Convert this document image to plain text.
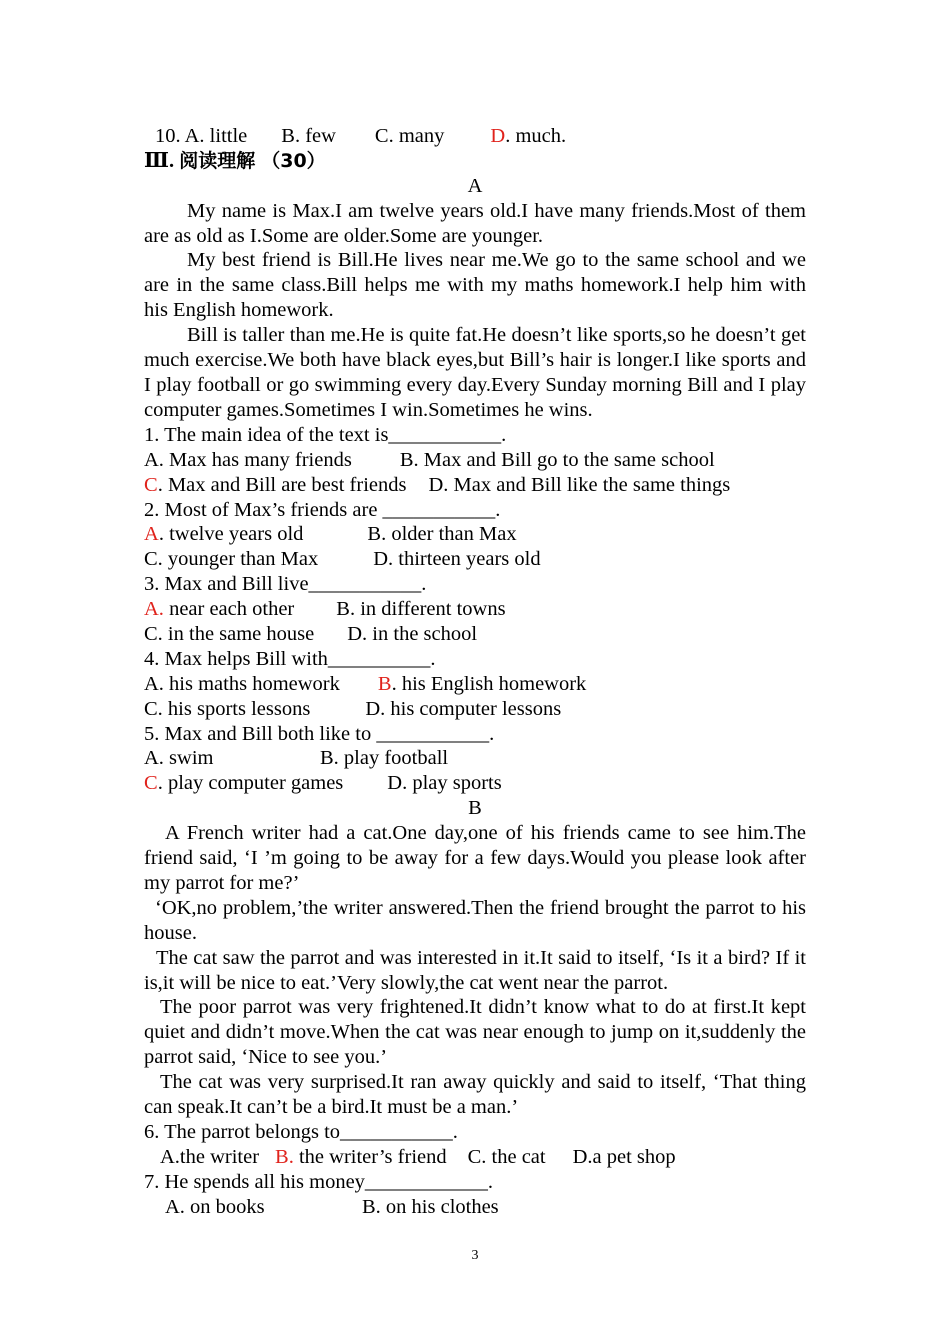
10. A. little B. few C. many D. much.
Ⅲ. 阅读理解 （30）
A
My name is Max.I am twelve years old.I have many friends.Most of them are as old as I.Some are older.Some are younger.
My best friend is Bill.He lives near me.We go to the same school and we are in the same class.Bill helps me with my maths homework.I help him with his English homework.
Bill is taller than me.He is quite fat.He doesn’t like sports,so he doesn’t get much exercise.We both have black eyes,but Bill’s hair is longer.I like sports and I play football or go swimming every day.Every Sunday morning Bill and I play computer games.Sometimes I win.Sometimes he wins.
1. The main idea of the text is___________.
A. Max has many friends B. Max and Bill go to the same school
C. Max and Bill are best friends D. Max and Bill like the same things
2. Most of Max’s friends are ___________.
A. twelve years old	B. older than Max
C. younger than Max	D. thirteen years old
3. Max and Bill live___________.
A. near each other B. in different towns
C. in the same house D. in the school
4. Max helps Bill with__________.
A. his maths homework B. his English homework
C. his sports lessons	D. his computer lessons
5. Max and Bill both like to ___________.
A. swim	B. play football
C. play computer games D. play sports
B
A French writer had a cat.One day,one of his friends came to see him.The friend said, ‘I ’m going to be away for a few days.Would you please look after my parrot for me?’
‘OK,no problem,’the writer answered.Then the friend brought the parrot to his house.
The cat saw the parrot and was interested in it.It said to itself, ‘Is it a bird? If it is,it will be nice to eat.’Very slowly,the cat went near the parrot.
The poor parrot was very frightened.It didn’t know what to do at first.It kept quiet and didn’t move.When the cat was near enough to jump on it,suddenly the parrot said, ‘Nice to see you.’
The cat was very surprised.It ran away quickly and said to itself, ‘That thing can speak.It can’t be a bird.It must be a man.’
6. The parrot belongs to___________.
A.the writer B. the writer’s friend C. the cat D.a pet shop
7. He spends all his money____________.
A. on books	B. on his clothes
3
